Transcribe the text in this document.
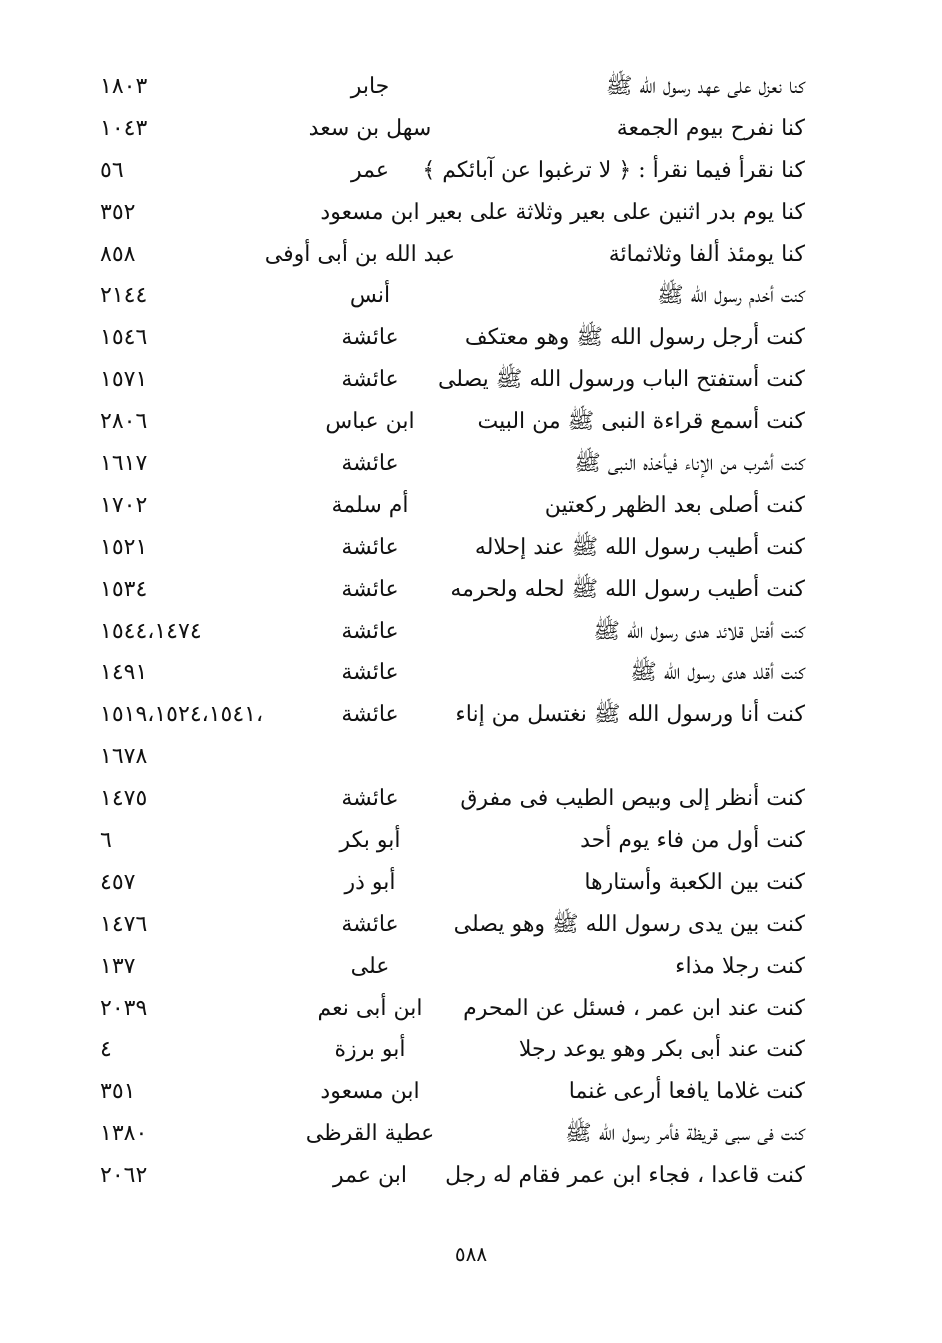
كنا نعزل على عهد رسول الله ﷺ
جابر
١٨٠٣
كنا نفرح بيوم الجمعة
سهل بن سعد
١٠٤٣
كنا نقرأ فيما نقرأ : ﴿ لا ترغبوا عن آبائكم ﴾
عمر
٥٦
كنا يوم بدر اثنين على بعير وثلاثة على بعير
ابن مسعود
٣٥٢
كنا يومئذ ألفا وثلاثمائة
عبد الله بن أبى أوفى
٨٥٨
كنت أخدم رسول الله ﷺ
أنس
٢١٤٤
كنت أرجل رسول الله ﷺ وهو معتكف
عائشة
١٥٤٦
كنت أستفتح الباب ورسول الله ﷺ يصلى
عائشة
١٥٧١
كنت أسمع قراءة النبى ﷺ من البيت
ابن عباس
٢٨٠٦
كنت أشرب من الإناء فيأخذه النبى ﷺ
عائشة
١٦١٧
كنت أصلى بعد الظهر ركعتين
أم سلمة
١٧٠٢
كنت أطيب رسول الله ﷺ عند إحلاله
عائشة
١٥٢١
كنت أطيب رسول الله ﷺ لحله ولحرمه
عائشة
١٥٣٤
كنت أفتل قلائد هدى رسول الله ﷺ
عائشة
١٥٤٤،١٤٧٤
كنت أقلد هدى رسول الله ﷺ
عائشة
١٤٩١
كنت أنا ورسول الله ﷺ نغتسل من إناء
عائشة
١٥١٩،١٥٢٤،١٥٤١،
١٦٧٨
كنت أنظر إلى وبيص الطيب فى مفرق
عائشة
١٤٧٥
كنت أول من فاء يوم أحد
أبو بكر
٦
كنت بين الكعبة وأستارها
أبو ذر
٤٥٧
كنت بين يدى رسول الله ﷺ وهو يصلى
عائشة
١٤٧٦
كنت رجلا مذاء
على
١٣٧
كنت عند ابن عمر ، فسئل عن المحرم
ابن أبى نعم
٢٠٣٩
كنت عند أبى بكر وهو يوعد رجلا
أبو برزة
٤
كنت غلاما يافعا أرعى غنما
ابن مسعود
٣٥١
كنت فى سبى قريظة فأمر رسول الله ﷺ
عطية القرظى
١٣٨٠
كنت قاعدا ، فجاء ابن عمر فقام له رجل
ابن عمر
٢٠٦٢
٥٨٨
